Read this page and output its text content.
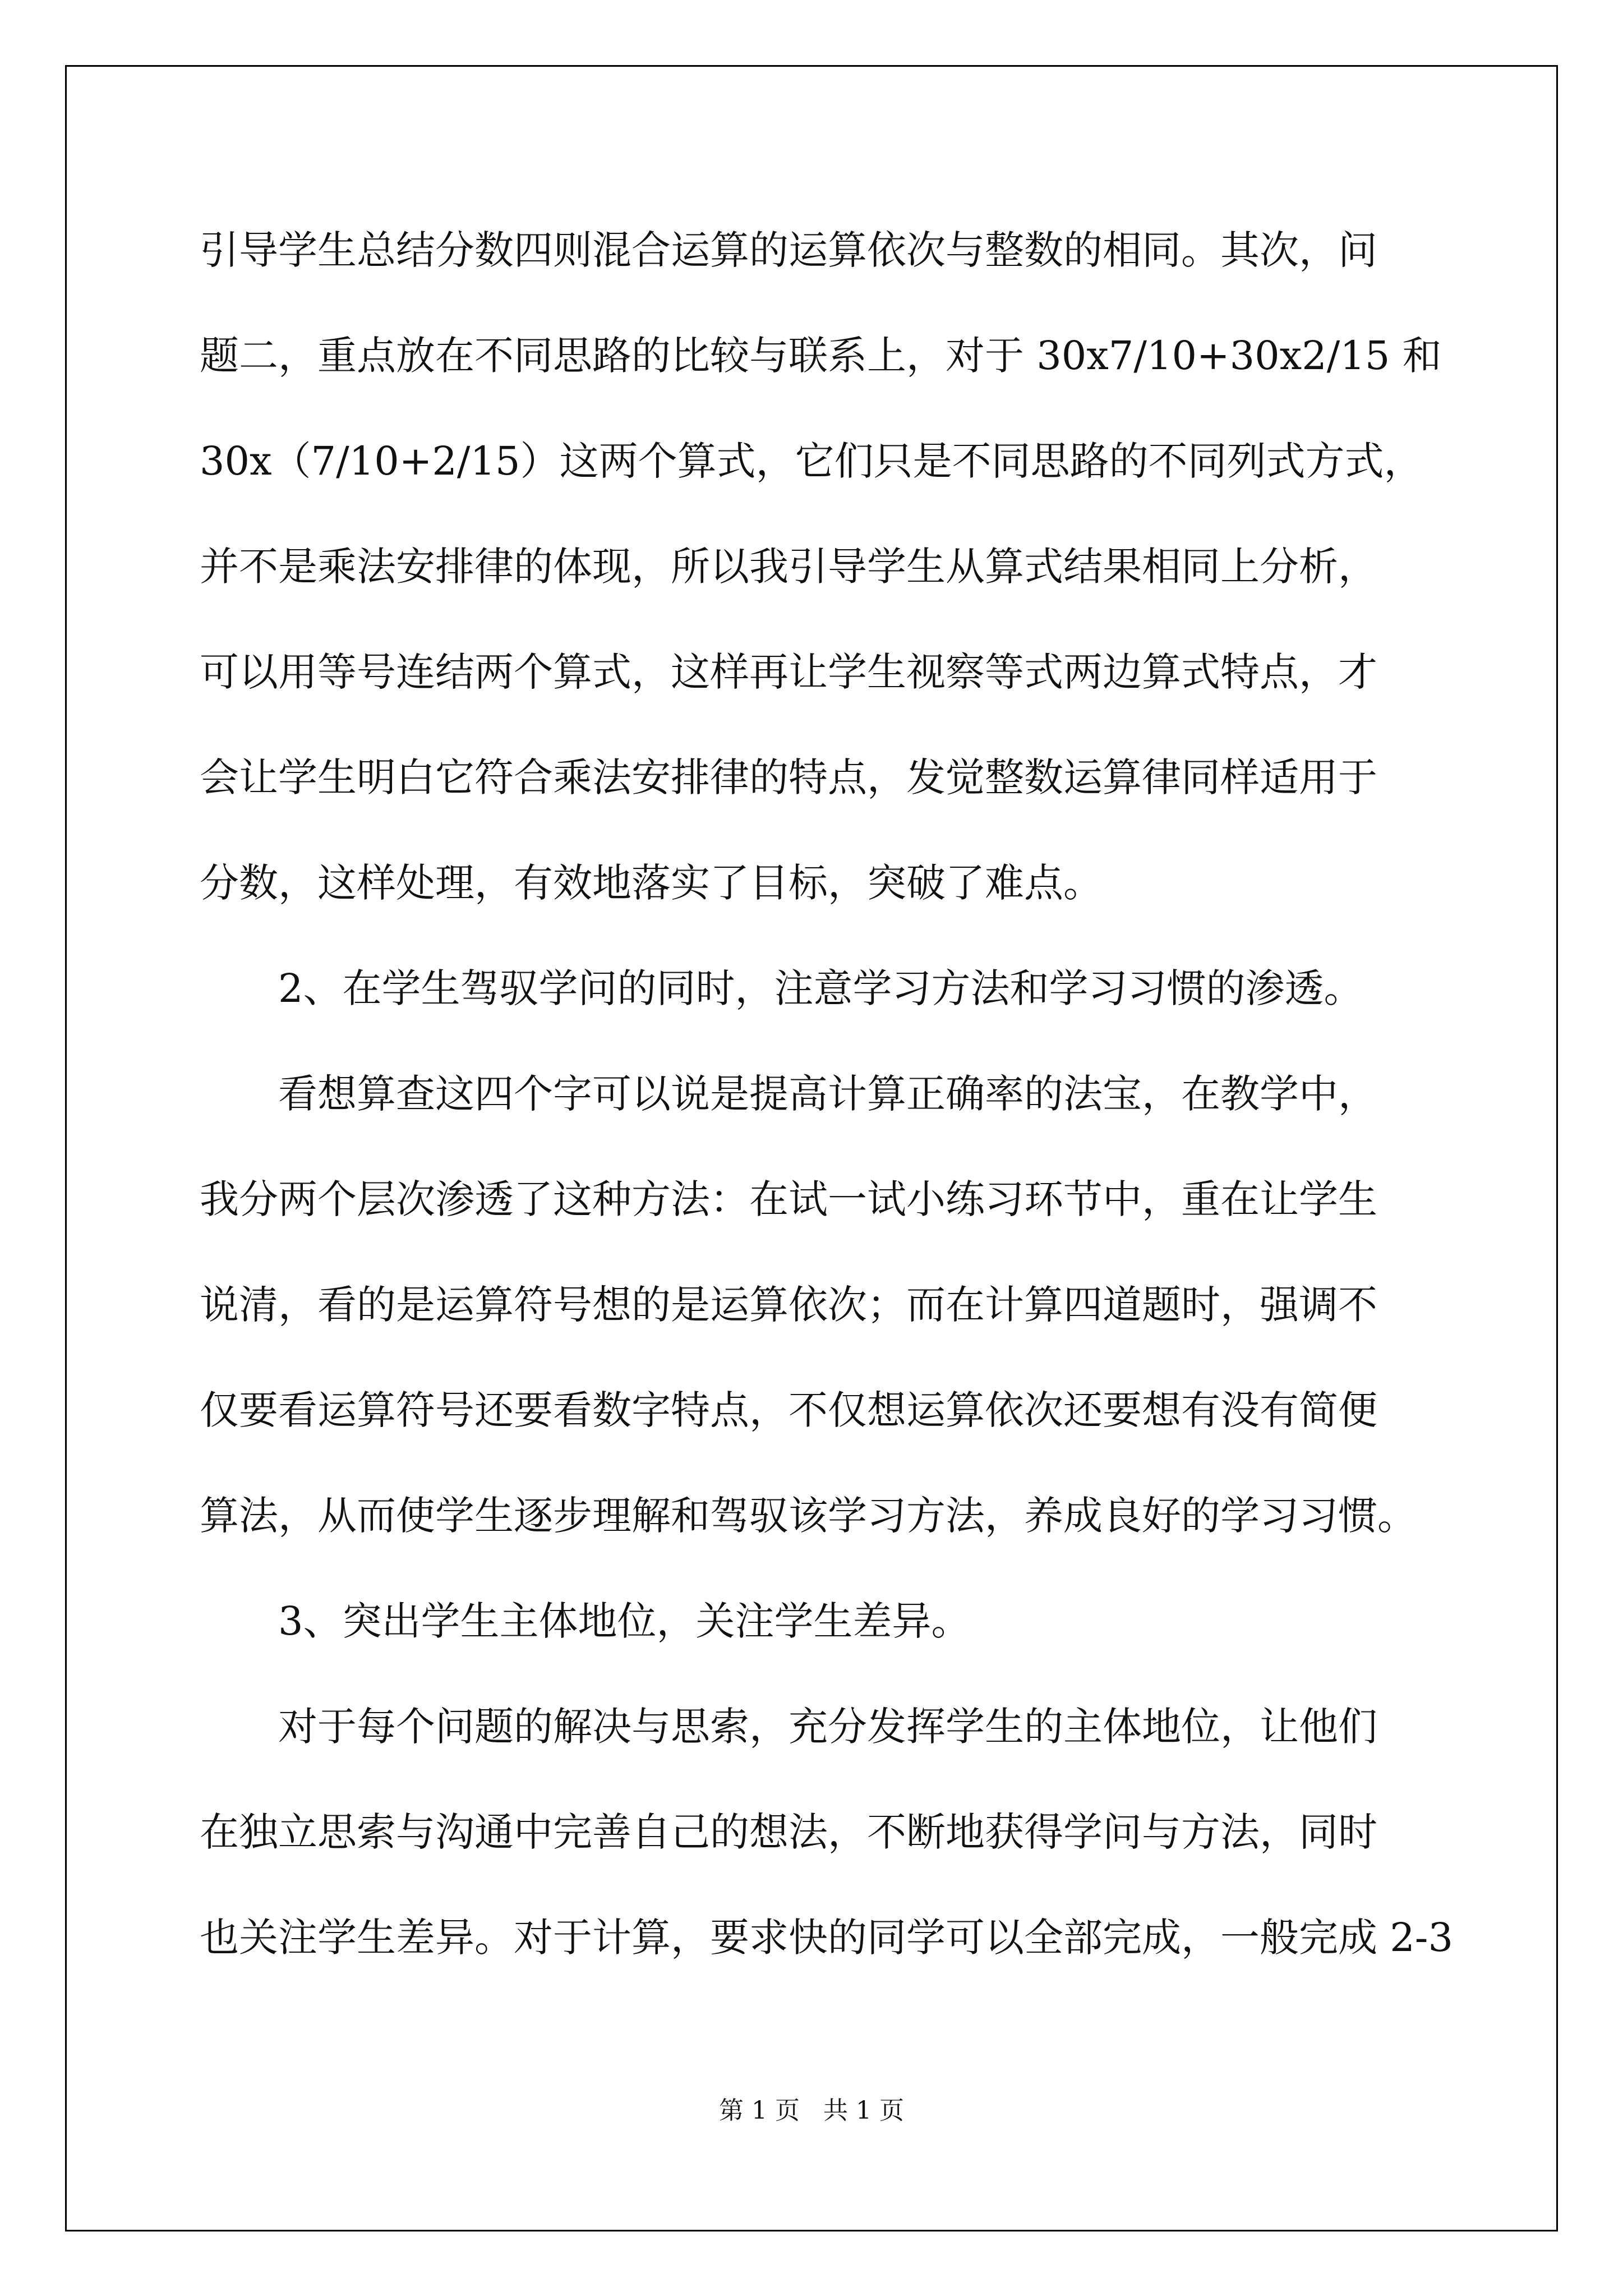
引导学生总结分数四则混合运算的运算依次与整数的相同。其次，问
题二，重点放在不同思路的比较与联系上，对于 30x7/10+30x2/15 和
30x（7/10+2/15）这两个算式，它们只是不同思路的不同列式方式，
并不是乘法安排律的体现，所以我引导学生从算式结果相同上分析，
可以用等号连结两个算式，这样再让学生视察等式两边算式特点，才
会让学生明白它符合乘法安排律的特点，发觉整数运算律同样适用于
分数，这样处理，有效地落实了目标，突破了难点。
2、在学生驾驭学问的同时，注意学习方法和学习习惯的渗透。
看想算查这四个字可以说是提高计算正确率的法宝，在教学中，
我分两个层次渗透了这种方法：在试一试小练习环节中，重在让学生
说清，看的是运算符号想的是运算依次；而在计算四道题时，强调不
仅要看运算符号还要看数字特点，不仅想运算依次还要想有没有简便
算法，从而使学生逐步理解和驾驭该学习方法，养成良好的学习习惯。
3、突出学生主体地位，关注学生差异。
对于每个问题的解决与思索，充分发挥学生的主体地位，让他们
在独立思索与沟通中完善自己的想法，不断地获得学问与方法，同时
也关注学生差异。对于计算，要求快的同学可以全部完成，一般完成 2-3
第 1 页 共 1 页
